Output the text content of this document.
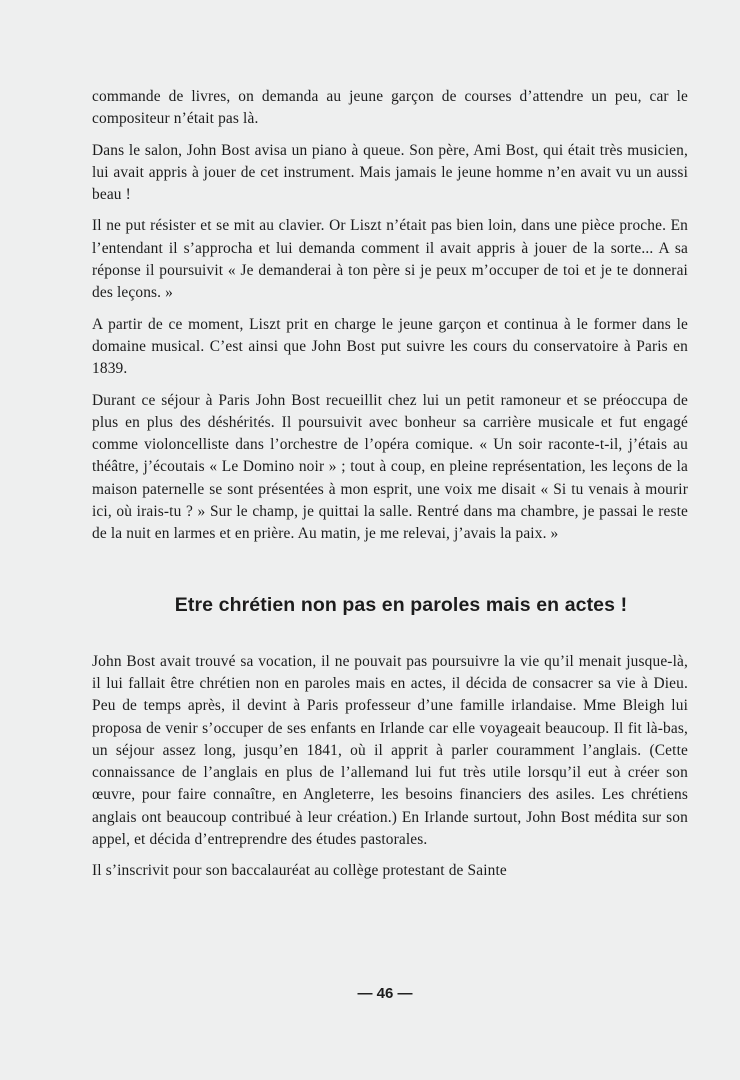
commande de livres, on demanda au jeune garçon de courses d’attendre un peu, car le compositeur n’était pas là.

Dans le salon, John Bost avisa un piano à queue. Son père, Ami Bost, qui était très musicien, lui avait appris à jouer de cet instrument. Mais jamais le jeune homme n’en avait vu un aussi beau !

Il ne put résister et se mit au clavier. Or Liszt n’était pas bien loin, dans une pièce proche. En l’entendant il s’approcha et lui demanda comment il avait appris à jouer de la sorte... A sa réponse il poursuivit « Je demanderai à ton père si je peux m’occuper de toi et je te donnerai des leçons. »

A partir de ce moment, Liszt prit en charge le jeune garçon et continua à le former dans le domaine musical. C’est ainsi que John Bost put suivre les cours du conservatoire à Paris en 1839.

Durant ce séjour à Paris John Bost recueillit chez lui un petit ramoneur et se préoccupa de plus en plus des déshérités. Il poursuivit avec bonheur sa carrière musicale et fut engagé comme violoncelliste dans l’orchestre de l’opéra comique. « Un soir raconte-t-il, j’étais au théâtre, j’écoutais « Le Domino noir » ; tout à coup, en pleine représentation, les leçons de la maison paternelle se sont présentées à mon esprit, une voix me disait « Si tu venais à mourir ici, où irais-tu ? » Sur le champ, je quittai la salle. Rentré dans ma chambre, je passai le reste de la nuit en larmes et en prière. Au matin, je me relevai, j’avais la paix. »

Etre chrétien non pas en paroles mais en actes !

John Bost avait trouvé sa vocation, il ne pouvait pas poursuivre la vie qu’il menait jusque-là, il lui fallait être chrétien non en paroles mais en actes, il décida de consacrer sa vie à Dieu. Peu de temps après, il devint à Paris professeur d’une famille irlandaise. Mme Bleigh lui proposa de venir s’occuper de ses enfants en Irlande car elle voyageait beaucoup. Il fit là-bas, un séjour assez long, jusqu’en 1841, où il apprit à parler couramment l’anglais. (Cette connaissance de l’anglais en plus de l’allemand lui fut très utile lorsqu’il eut à créer son œuvre, pour faire connaître, en Angleterre, les besoins financiers des asiles. Les chrétiens anglais ont beaucoup contribué à leur création.) En Irlande surtout, John Bost médita sur son appel, et décida d’entreprendre des études pastorales.

Il s’inscrivit pour son baccalauréat au collège protestant de Sainte

— 46 —
